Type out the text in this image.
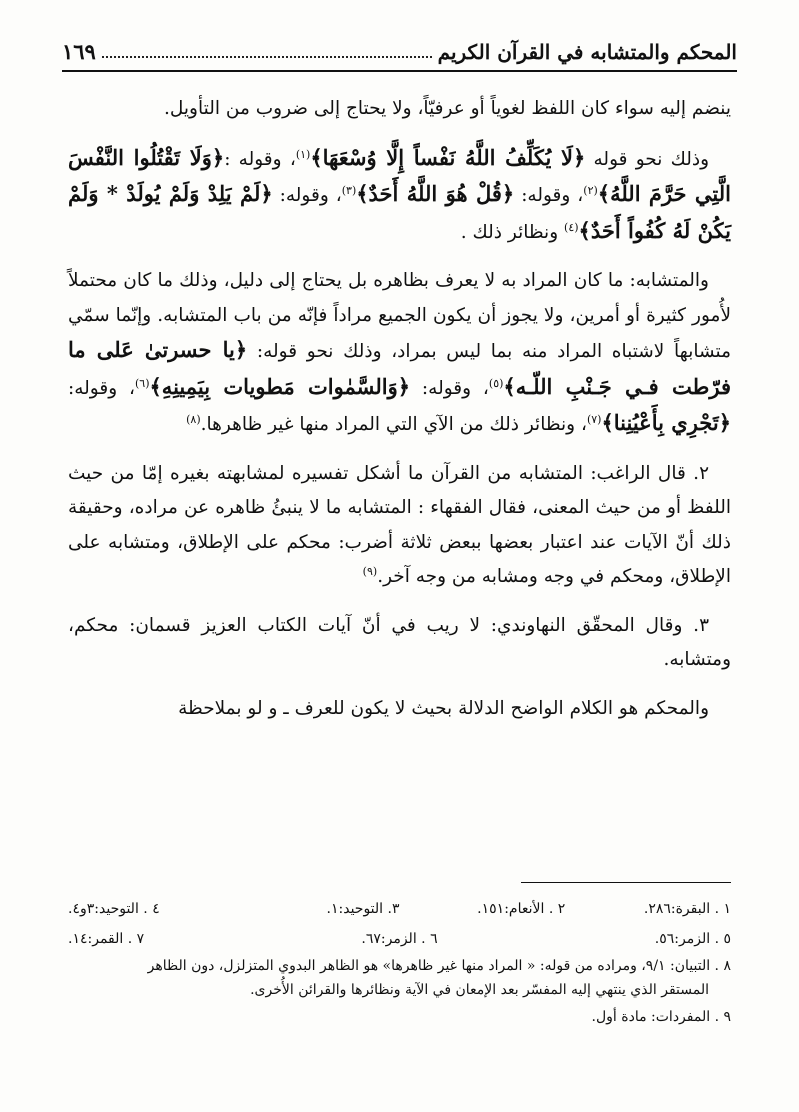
المحكم والمتشابه في القرآن الكريم
١٦٩

ينضم إليه سواء كان اللفظ لغوياً أو عرفيّاً، ولا يحتاج إلى ضروب من التأويل.

وذلك نحو قوله ﴿لَا يُكَلِّفُ اللَّهُ نَفْساً إِلَّا وُسْعَهَا﴾$^{(١)}$، وقوله :﴿وَلَا تَقْتُلُوا النَّفْسَ الَّتِي حَرَّمَ اللَّهُ﴾$^{(٢)}$، وقوله: ﴿قُلْ هُوَ اللَّهُ أَحَدٌ﴾$^{(٣)}$، وقوله: ﴿لَمْ يَلِدْ وَلَمْ يُولَدْ * وَلَمْ يَكُنْ لَهُ كُفُواً أَحَدٌ﴾$^{(٤)}$ ونظائر ذلك .

والمتشابه: ما كان المراد به لا يعرف بظاهره بل يحتاج إلى دليل، وذلك ما كان محتملاً لأُمور كثيرة أو أمرين، ولا يجوز أن يكون الجميع مراداً فإنّه من باب المتشابه. وإنّما سمّي متشابهاً لاشتباه المراد منه بما ليس بمراد، وذلك نحو قوله: ﴿يا حسرتىٰ عَلى ما فرّطت فـي جَـنْبِ اللّـه﴾$^{(٥)}$، وقوله: ﴿وَالسَّمٰوات مَطويات بِيَمِينِهِ﴾$^{(٦)}$، وقوله: ﴿تَجْرِي بِأَعْيُنِنا﴾$^{(٧)}$، ونظائر ذلك من الآي التي المراد منها غير ظاهرها.$^{(٨)}$

٢. قال الراغب: المتشابه من القرآن ما أشكل تفسيره لمشابهته بغيره إمّا من حيث اللفظ أو من حيث المعنى، فقال الفقهاء : المتشابه ما لا ينبئُ ظاهره عن مراده، وحقيقة ذلك أنّ الآيات عند اعتبار بعضها ببعض ثلاثة أضرب: محكم على الإطلاق، ومتشابه على الإطلاق، ومحكم في وجه ومشابه من وجه آخر.$^{(٩)}$

٣. وقال المحقّق النهاوندي: لا ريب في أنّ آيات الكتاب العزيز قسمان: محكم، ومتشابه.

والمحكم هو الكلام الواضح الدلالة بحيث لا يكون للعرف ـ و لو بملاحظة

١ . البقرة:٢٨٦.
٢ . الأنعام:١٥١.
٣. التوحيد:١.
٤ . التوحيد:٣و٤.
٥ . الزمر:٥٦.
٦ . الزمر:٦٧.
٧ . القمر:١٤.
٨ . التبيان: ٩/١، ومراده من قوله: « المراد منها غير ظاهرها» هو الظاهر البدوي المتزلزل، دون الظاهر
المستقر الذي ينتهي إليه المفسّر بعد الإمعان في الآية ونظائرها والقرائن الأُخرى.
٩ . المفردات: مادة أول.
